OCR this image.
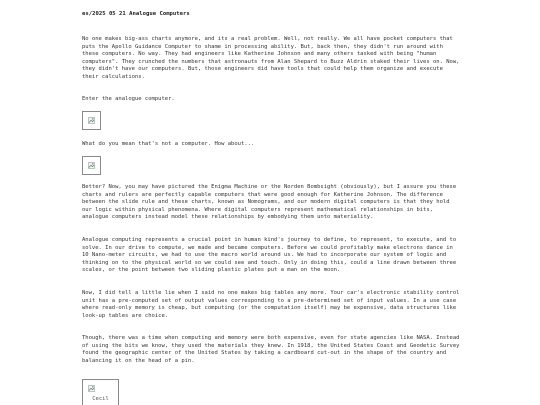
es/2025 05 21 Analogue Computers

No one makes big-ass charts anymore, and its a real problem. Well, not really. We all have pocket computers that puts the Apollo Guidance Computer to shame in processing ability. But, back then, they didn't run around with these computers. No way. They had engineers like Katherine Johnson and many others tasked with being "human computers". They crunched the numbers that astronauts from Alan Shepard to Buzz Aldrin staked their lives on. Now, they didn't have our computers. But, those engineers did have tools that could help them organize and execute their calculations.

Enter the analogue computer.

What do you mean that's not a computer. How about...

Better? Now, you may have pictured the Enigma Machine or the Norden Bombsight (obviously), but I assure you these charts and rulers are perfectly capable computers that were good enough for Katherine Johnson. The difference between the slide rule and these charts, known as Nomograms, and our modern digital computers is that they hold our logic within physical phenomena. Where digital computers represent mathematical relationships in bits, analogue computers instead model these relationships by embodying them unto materiality.

Analogue computing represents a crucial point in human kind's journey to define, to represent, to execute, and to solve. In our drive to compute, we made and became computers. Before we could profitably make electrons dance in 10 Nano-meter circuits, we had to use the macro world around us. We had to incorporate our system of logic and thinking on to the physical world so we could see and touch. Only in doing this, could a line drawn between three scales, or the point between two sliding plastic plates put a man on the moon.

Now, I did tell a little lie when I said no one makes big tables any more. Your car's electronic stability control unit has a pre-computed set of output values corresponding to a pre-determined set of input values. In a use case where read-only memory is cheap, but computing (or the computation itself) may be expensive, data structures like look-up tables are choice.

Though, there was a time when computing and memory were both expensive, even for state agencies like NASA. Instead of using the bits we know, they used the materials they knew. In 1918, the United States Coast and Geodetic Survey found the geographic center of the United States by taking a cardboard cut-out in the shape of the country and balancing it on the head of a pin.

Cecil
